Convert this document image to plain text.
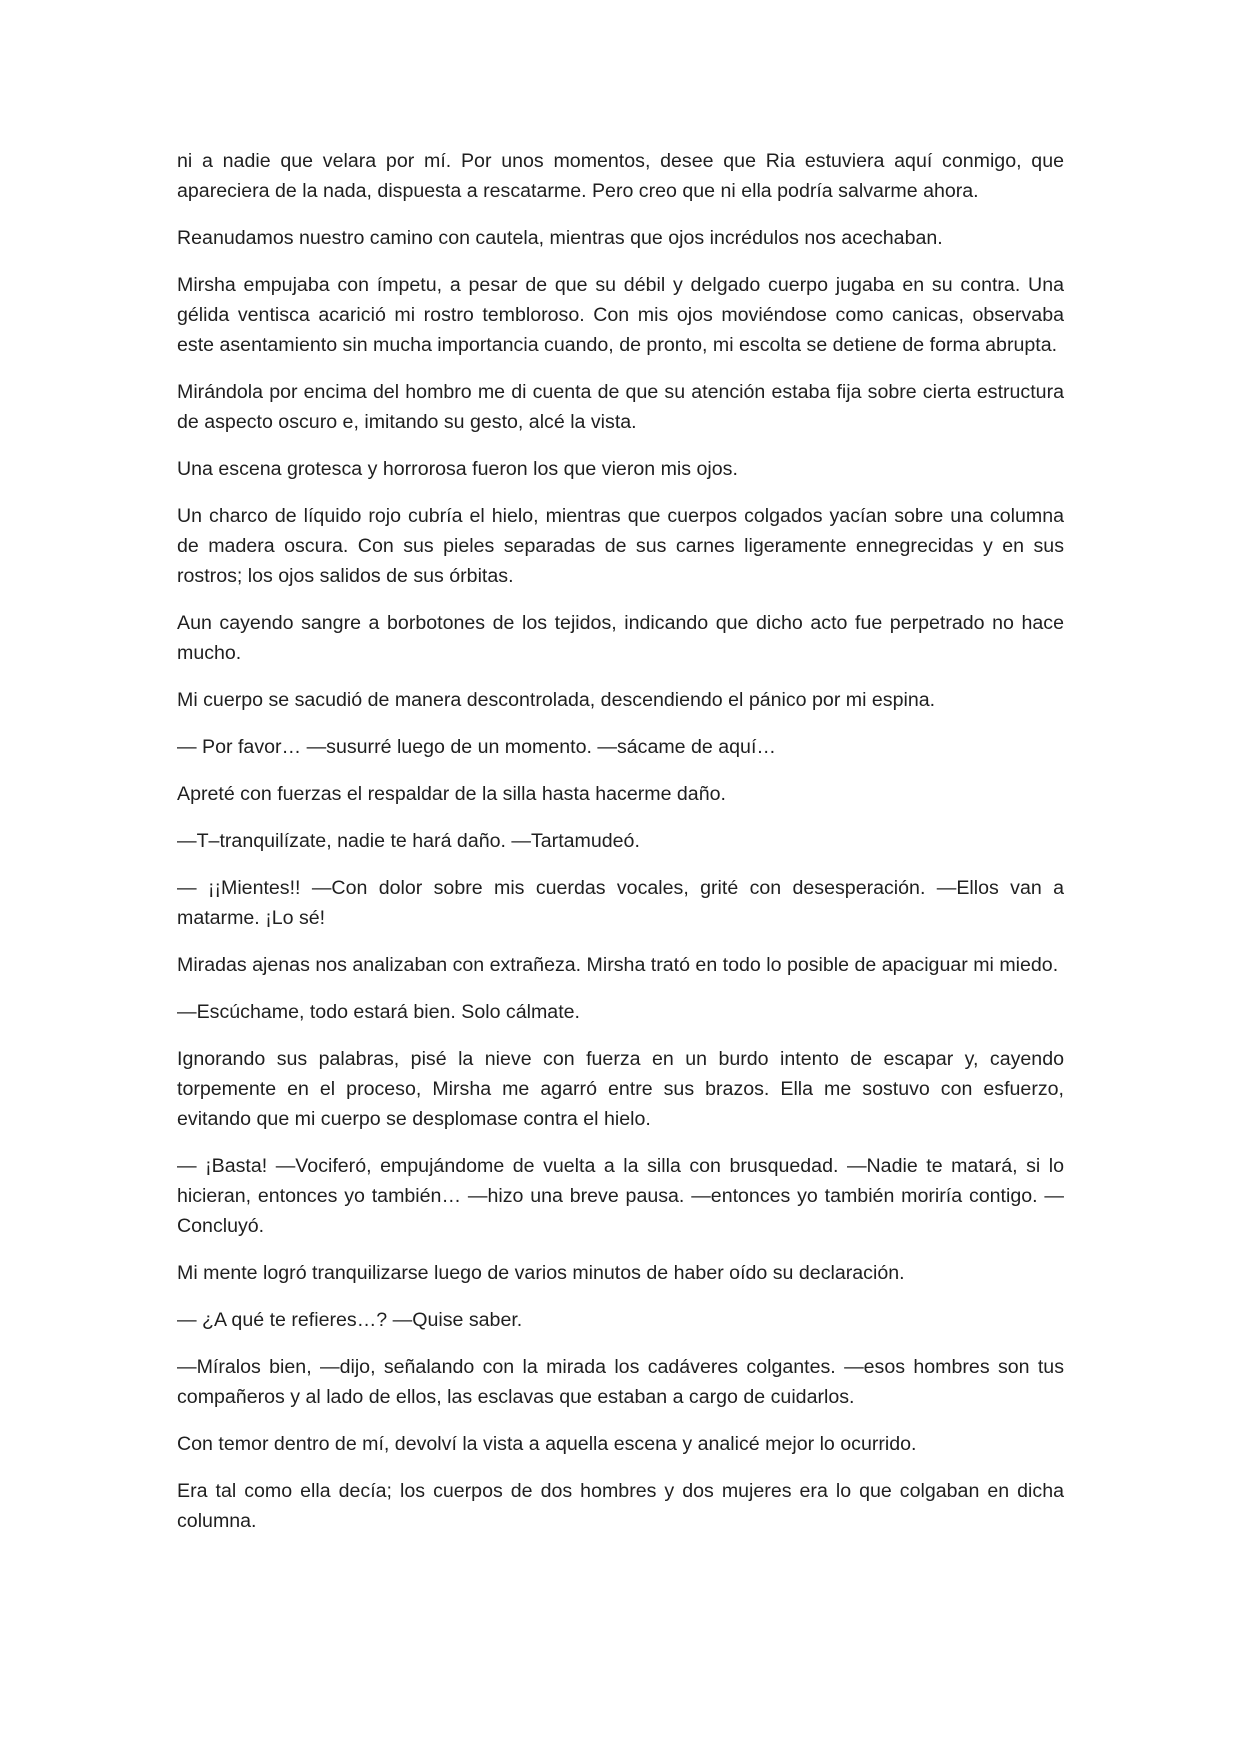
ni a nadie que velara por mí. Por unos momentos, desee que Ria estuviera aquí conmigo, que apareciera de la nada, dispuesta a rescatarme. Pero creo que ni ella podría salvarme ahora.

Reanudamos nuestro camino con cautela, mientras que ojos incrédulos nos acechaban.

Mirsha empujaba con ímpetu, a pesar de que su débil y delgado cuerpo jugaba en su contra. Una gélida ventisca acarició mi rostro tembloroso. Con mis ojos moviéndose como canicas, observaba este asentamiento sin mucha importancia cuando, de pronto, mi escolta se detiene de forma abrupta.

Mirándola por encima del hombro me di cuenta de que su atención estaba fija sobre cierta estructura de aspecto oscuro e, imitando su gesto, alcé la vista.

Una escena grotesca y horrorosa fueron los que vieron mis ojos.

Un charco de líquido rojo cubría el hielo, mientras que cuerpos colgados yacían sobre una columna de madera oscura. Con sus pieles separadas de sus carnes ligeramente ennegrecidas y en sus rostros; los ojos salidos de sus órbitas.

Aun cayendo sangre a borbotones de los tejidos, indicando que dicho acto fue perpetrado no hace mucho.

Mi cuerpo se sacudió de manera descontrolada, descendiendo el pánico por mi espina.

— Por favor… —susurré luego de un momento. —sácame de aquí…

Apreté con fuerzas el respaldar de la silla hasta hacerme daño.

—T–tranquilízate, nadie te hará daño. —Tartamudeó.

— ¡¡Mientes!! —Con dolor sobre mis cuerdas vocales, grité con desesperación. —Ellos van a matarme. ¡Lo sé!

Miradas ajenas nos analizaban con extrañeza. Mirsha trató en todo lo posible de apaciguar mi miedo.

—Escúchame, todo estará bien. Solo cálmate.

Ignorando sus palabras, pisé la nieve con fuerza en un burdo intento de escapar y, cayendo torpemente en el proceso, Mirsha me agarró entre sus brazos. Ella me sostuvo con esfuerzo, evitando que mi cuerpo se desplomase contra el hielo.

— ¡Basta! —Vociferó, empujándome de vuelta a la silla con brusquedad. —Nadie te matará, si lo hicieran, entonces yo también… —hizo una breve pausa. —entonces yo también moriría contigo. —Concluyó.

Mi mente logró tranquilizarse luego de varios minutos de haber oído su declaración.

— ¿A qué te refieres…? —Quise saber.

—Míralos bien, —dijo, señalando con la mirada los cadáveres colgantes. —esos hombres son tus compañeros y al lado de ellos, las esclavas que estaban a cargo de cuidarlos.

Con temor dentro de mí, devolví la vista a aquella escena y analicé mejor lo ocurrido.

Era tal como ella decía; los cuerpos de dos hombres y dos mujeres era lo que colgaban en dicha columna.
